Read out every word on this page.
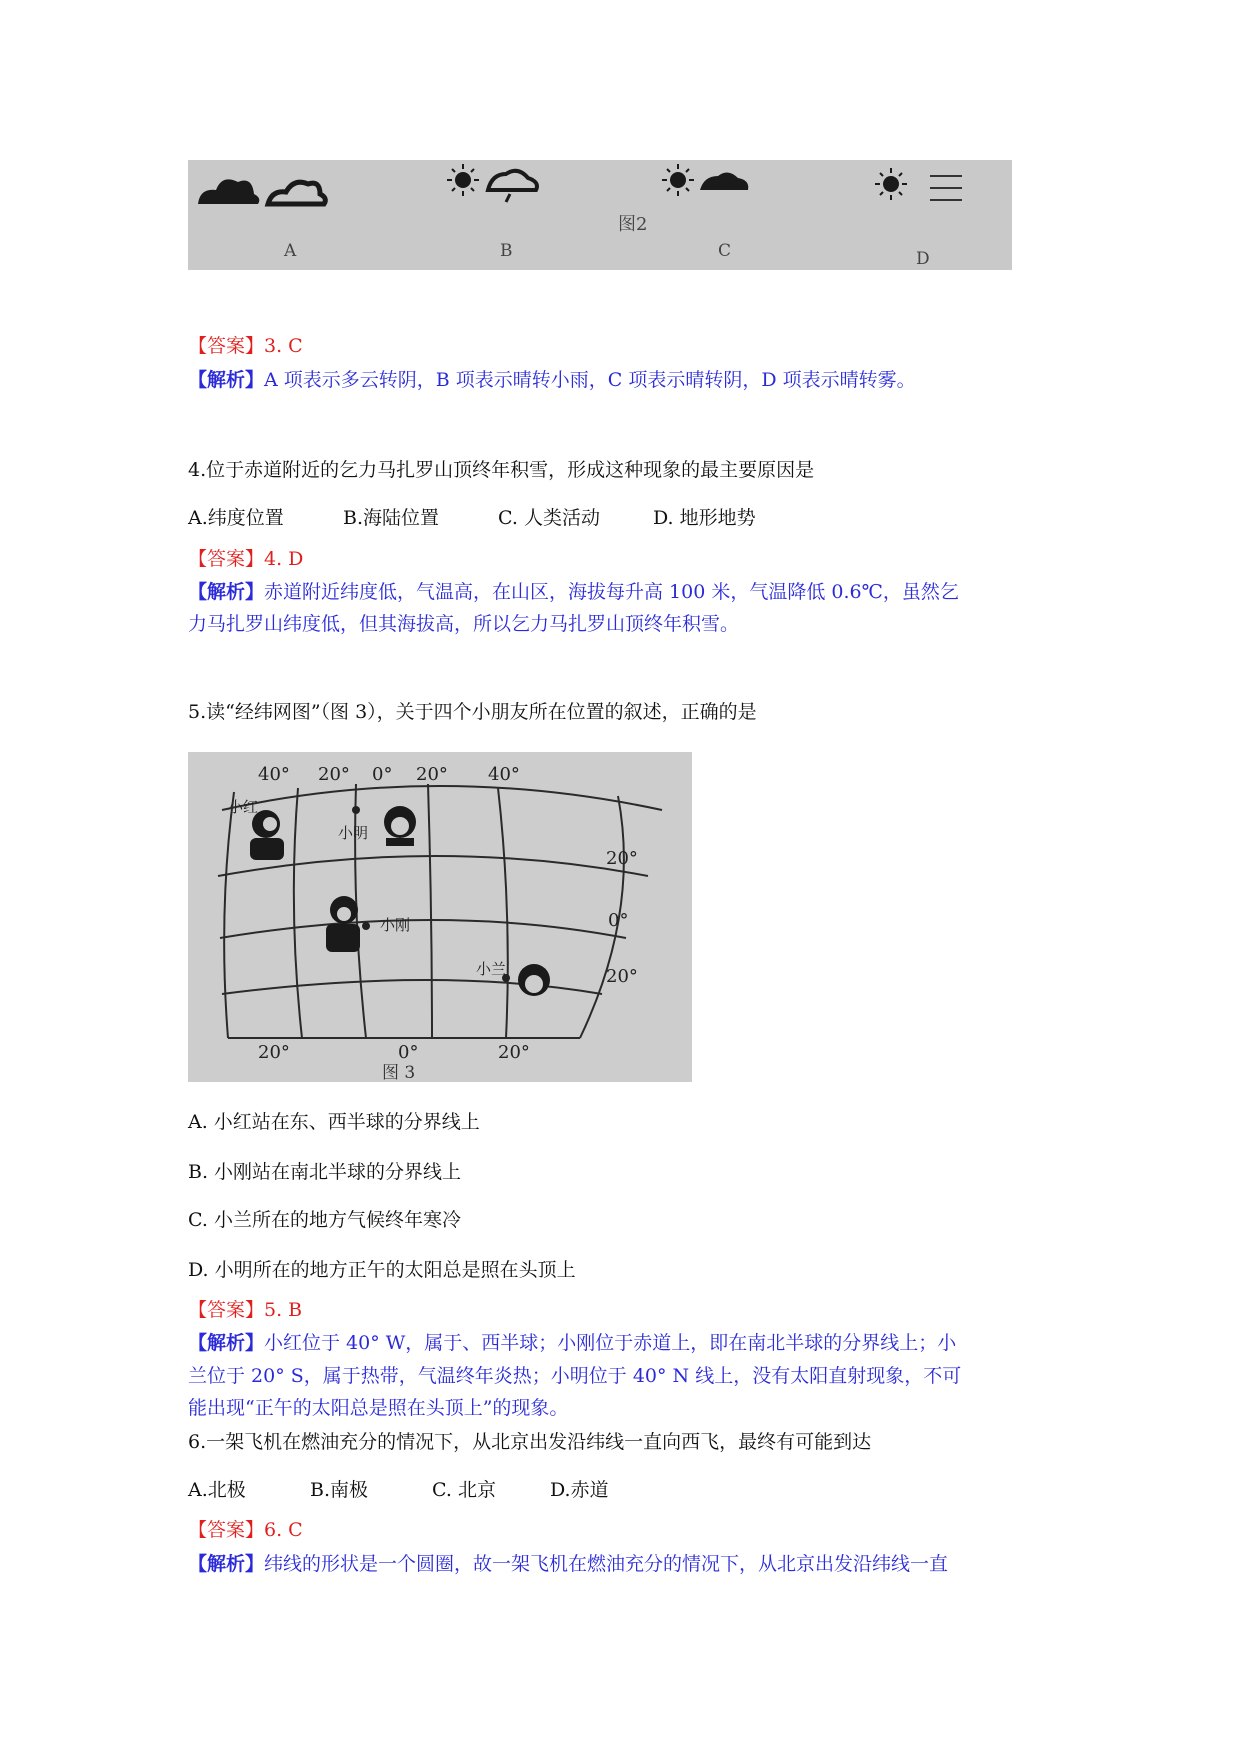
图2
A	B	C	D
【答案】3. C
【解析】A 项表示多云转阴，B 项表示晴转小雨，C 项表示晴转阴，D 项表示晴转雾。
4.位于赤道附近的乞力马扎罗山顶终年积雪，形成这种现象的最主要原因是
A.纬度位置	B.海陆位置	C. 人类活动	D. 地形地势
【答案】4. D
【解析】赤道附近纬度低，气温高，在山区，海拔每升高 100 米，气温降低 0.6℃，虽然乞
力马扎罗山纬度低，但其海拔高，所以乞力马扎罗山顶终年积雪。
5.读“经纬网图”（图 3），关于四个小朋友所在位置的叙述，正确的是
40° 20° 0° 20° 40°
20°
0°
20°
20°	0°	20°
图 3
小红
小明
小刚
小兰
A. 小红站在东、西半球的分界线上
B. 小刚站在南北半球的分界线上
C. 小兰所在的地方气候终年寒冷
D. 小明所在的地方正午的太阳总是照在头顶上
【答案】5. B
【解析】小红位于 40° W，属于、西半球；小刚位于赤道上，即在南北半球的分界线上；小
兰位于 20° S，属于热带，气温终年炎热；小明位于 40° N 线上，没有太阳直射现象，不可
能出现“正午的太阳总是照在头顶上”的现象。
6.一架飞机在燃油充分的情况下，从北京出发沿纬线一直向西飞，最终有可能到达
A.北极	B.南极	C. 北京	D.赤道
【答案】6. C
【解析】纬线的形状是一个圆圈，故一架飞机在燃油充分的情况下，从北京出发沿纬线一直
